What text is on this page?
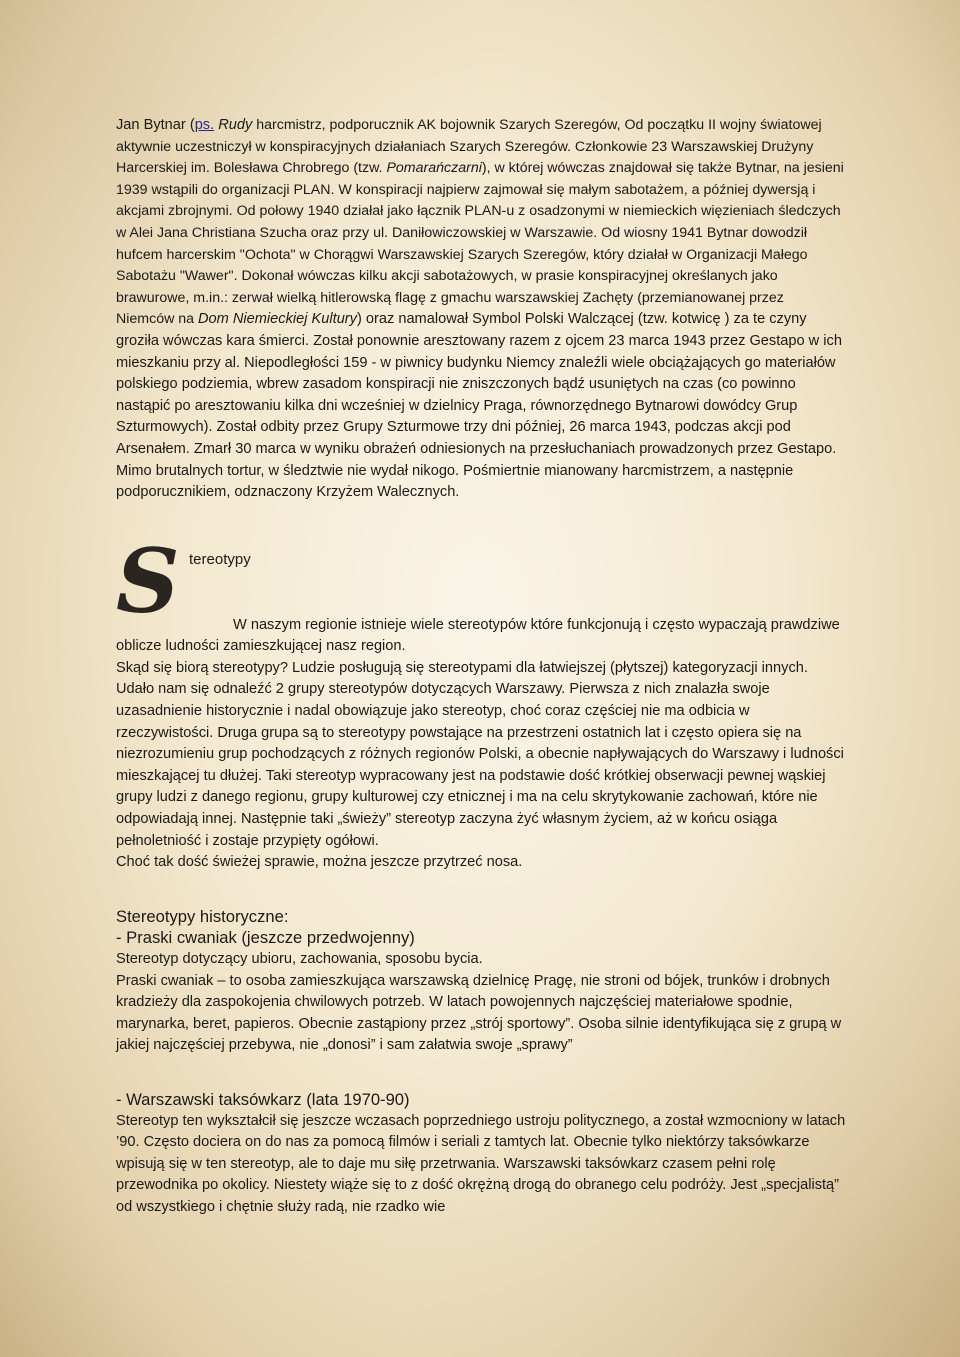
Jan Bytnar (ps. Rudy harcmistrz, podporucznik AK bojownik Szarych Szeregów, Od początku II wojny światowej aktywnie uczestniczył w konspiracyjnych działaniach Szarych Szeregów. Członkowie 23 Warszawskiej Drużyny Harcerskiej im. Bolesława Chrobrego (tzw. Pomarańczarni), w której wówczas znajdował się także Bytnar, na jesieni 1939 wstąpili do organizacji PLAN. W konspiracji najpierw zajmował się małym sabotażem, a później dywersją i akcjami zbrojnymi. Od połowy 1940 działał jako łącznik PLAN-u z osadzonymi w niemieckich więzieniach śledczych w Alei Jana Christiana Szucha oraz przy ul. Daniłowiczowskiej w Warszawie. Od wiosny 1941 Bytnar dowodził hufcem harcerskim "Ochota" w Chorągwi Warszawskiej Szarych Szeregów, który działał w Organizacji Małego Sabotażu "Wawer". Dokonał wówczas kilku akcji sabotażowych, w prasie konspiracyjnej określanych jako brawurowe, m.in.: zerwał wielką hitlerowską flagę z gmachu warszawskiej Zachęty (przemianowanej przez Niemców na Dom Niemieckiej Kultury) oraz namalował Symbol Polski Walczącej (tzw. kotwicę ) za te czyny groziła wówczas kara śmierci. Został ponownie aresztowany razem z ojcem 23 marca 1943 przez Gestapo w ich mieszkaniu przy al. Niepodległości 159 - w piwnicy budynku Niemcy znaleźli wiele obciążających go materiałów polskiego podziemia, wbrew zasadom konspiracji nie zniszczonych bądź usuniętych na czas (co powinno nastąpić po aresztowaniu kilka dni wcześniej w dzielnicy Praga, równorzędnego Bytnarowi dowódcy Grup Szturmowych). Został odbity przez Grupy Szturmowe trzy dni później, 26 marca 1943, podczas akcji pod Arsenałem. Zmarł 30 marca w wyniku obrażeń odniesionych na przesłuchaniach prowadzonych przez Gestapo. Mimo brutalnych tortur, w śledztwie nie wydał nikogo. Pośmiertnie mianowany harcmistrzem, a następnie podporucznikiem, odznaczony Krzyżem Walecznych.

S tereotypy

W naszym regionie istnieje wiele stereotypów które funkcjonują i często wypaczają prawdziwe oblicze ludności zamieszkującej nasz region.

Skąd się biorą stereotypy? Ludzie posługują się stereotypami dla łatwiejszej (płytszej) kategoryzacji innych. Udało nam się odnaleźć 2 grupy stereotypów dotyczących Warszawy. Pierwsza z nich znalazła swoje uzasadnienie historycznie i nadal obowiązuje jako stereotyp, choć coraz częściej nie ma odbicia w rzeczywistości. Druga grupa są to stereotypy powstające na przestrzeni ostatnich lat i często opiera się na niezrozumieniu grup pochodzących z różnych regionów Polski, a obecnie napływających do Warszawy i ludności mieszkającej tu dłużej. Taki stereotyp wypracowany jest na podstawie dość krótkiej obserwacji pewnej wąskiej grupy ludzi z danego regionu, grupy kulturowej czy etnicznej i ma na celu skrytykowanie zachowań, które nie odpowiadają innej. Następnie taki „świeży” stereotyp zaczyna żyć własnym życiem, aż w końcu osiąga pełnoletniość i zostaje przypięty ogółowi.

Choć tak dość świeżej sprawie, można jeszcze przytrzeć nosa.

Stereotypy historyczne:

- Praski cwaniak (jeszcze przedwojenny)

Stereotyp dotyczący ubioru, zachowania, sposobu bycia.

Praski cwaniak – to osoba zamieszkująca warszawską dzielnicę Pragę, nie stroni od bójek, trunków i drobnych kradzieży dla zaspokojenia chwilowych potrzeb. W latach powojennych najczęściej materiałowe spodnie, marynarka, beret, papieros. Obecnie zastąpiony przez „strój sportowy”. Osoba silnie identyfikująca się z grupą w jakiej najczęściej przebywa, nie „donosi” i sam załatwia swoje „sprawy”

- Warszawski taksówkarz (lata 1970-90)

Stereotyp ten wykształcił się jeszcze wczasach poprzedniego ustroju politycznego, a został wzmocniony w latach ’90. Często dociera on do nas za pomocą filmów i seriali z tamtych lat. Obecnie tylko niektórzy taksówkarze wpisują się w ten stereotyp, ale to daje mu siłę przetrwania. Warszawski taksówkarz czasem pełni rolę przewodnika po okolicy. Niestety wiąże się to z dość okrężną drogą do obranego celu podróży. Jest „specjalistą” od wszystkiego i chętnie służy radą, nie rzadko wie
